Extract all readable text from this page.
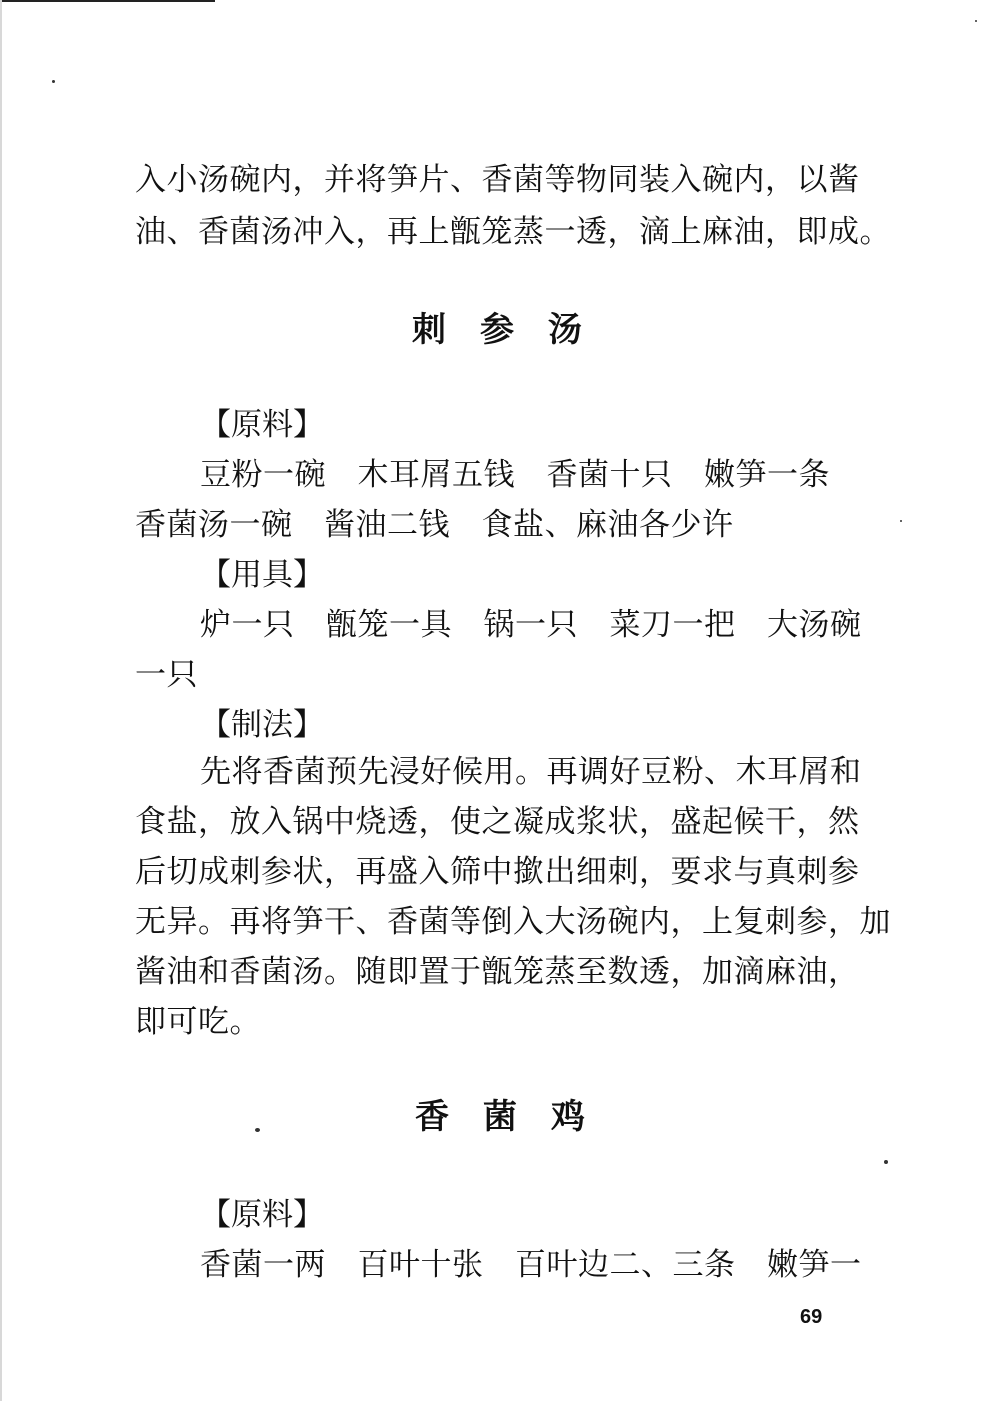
入小汤碗内，并将笋片、香菌等物同装入碗内，以酱
油、香菌汤冲入，再上甑笼蒸一透，滴上麻油，即成。
刺参汤
【原料】
豆粉一碗　木耳屑五钱　香菌十只　嫩笋一条
香菌汤一碗　酱油二钱　食盐、麻油各少许
【用具】
炉一只　甑笼一具　锅一只　菜刀一把　大汤碗
一只
【制法】
先将香菌预先浸好候用。再调好豆粉、木耳屑和
食盐，放入锅中烧透，使之凝成浆状，盛起候干，然
后切成刺参状，再盛入筛中撳出细刺，要求与真刺参
无异。再将笋干、香菌等倒入大汤碗内，上复刺参，加
酱油和香菌汤。随即置于甑笼蒸至数透，加滴麻油，
即可吃。
香菌鸡
【原料】
香菌一两　百叶十张　百叶边二、三条　嫩笋一
69
